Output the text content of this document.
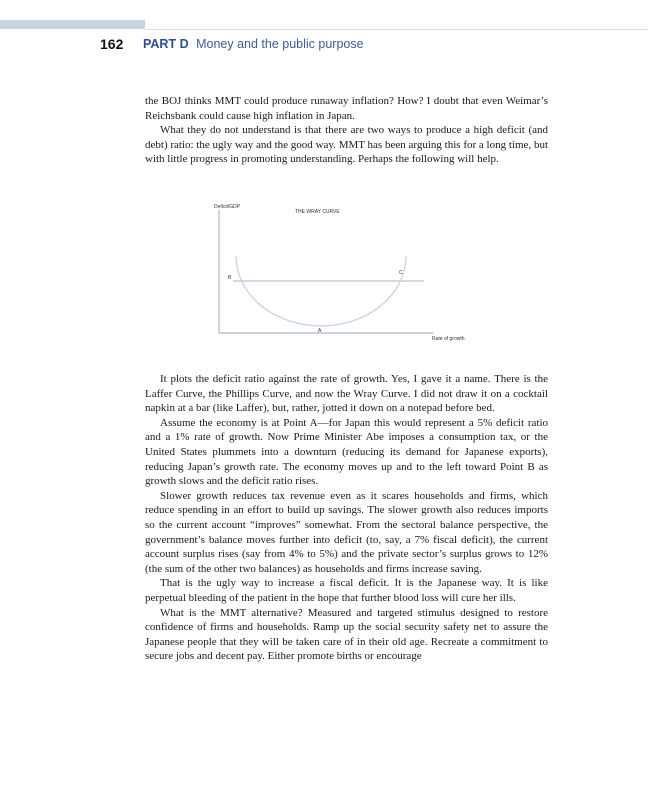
162 PART D Money and the public purpose

the BOJ thinks MMT could produce runaway inflation? How? I doubt that even Weimar’s Reichsbank could cause high inflation in Japan.

What they do not understand is that there are two ways to produce a high deficit (and debt) ratio: the ugly way and the good way. MMT has been arguing this for a long time, but with little progress in promoting understanding. Perhaps the following will help.

Deficit/GDP
THE WRAY CURVE
B
C
A
Rate of growth

It plots the deficit ratio against the rate of growth. Yes, I gave it a name. There is the Laffer Curve, the Phillips Curve, and now the Wray Curve. I did not draw it on a cocktail napkin at a bar (like Laffer), but, rather, jotted it down on a notepad before bed.

Assume the economy is at Point A—for Japan this would represent a 5% deficit ratio and a 1% rate of growth. Now Prime Minister Abe imposes a consumption tax, or the United States plummets into a downturn (reducing its demand for Japanese exports), reducing Japan’s growth rate. The economy moves up and to the left toward Point B as growth slows and the deficit ratio rises.

Slower growth reduces tax revenue even as it scares households and firms, which reduce spending in an effort to build up savings. The slower growth also reduces imports so the current account “improves” somewhat. From the sectoral balance perspective, the government’s balance moves further into deficit (to, say, a 7% fiscal deficit), the current account surplus rises (say from 4% to 5%) and the private sector’s surplus grows to 12% (the sum of the other two balances) as households and firms increase saving.

That is the ugly way to increase a fiscal deficit. It is the Japanese way. It is like perpetual bleeding of the patient in the hope that further blood loss will cure her ills.

What is the MMT alternative? Measured and targeted stimulus designed to restore confidence of firms and households. Ramp up the social security safety net to assure the Japanese people that they will be taken care of in their old age. Recreate a commitment to secure jobs and decent pay. Either promote births or encourage
